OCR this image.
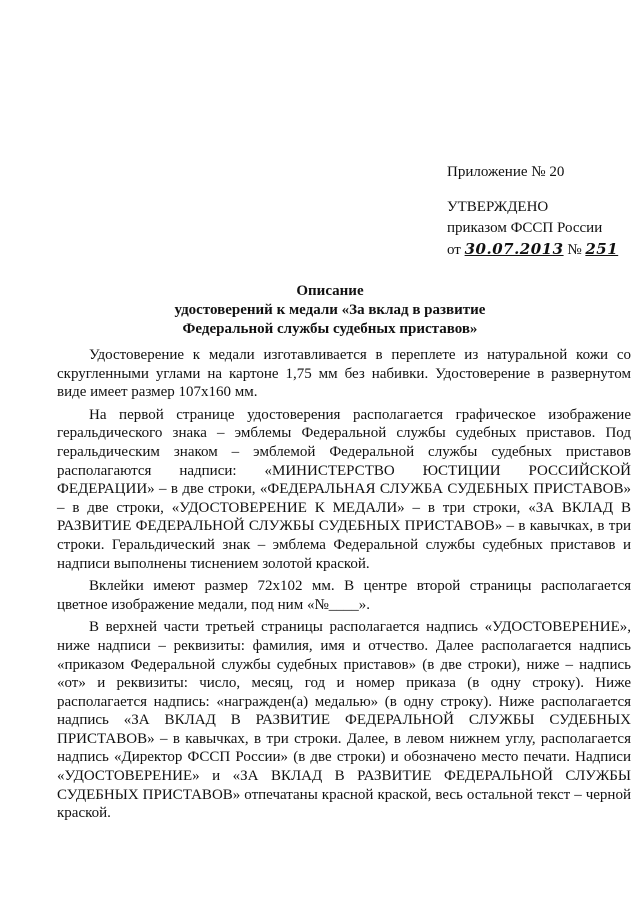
Приложение № 20
УТВЕРЖДЕНО
приказом ФССП России
от 30.07.2013 № 251
Описание
удостоверений к медали «За вклад в развитие
Федеральной службы судебных приставов»

Удостоверение к медали изготавливается в переплете из натуральной кожи со скругленными углами на картоне 1,75 мм без набивки. Удостоверение в развернутом виде имеет размер 107х160 мм.

На первой странице удостоверения располагается графическое изображение геральдического знака – эмблемы Федеральной службы судебных приставов. Под геральдическим знаком – эмблемой Федеральной службы судебных приставов располагаются надписи: «МИНИСТЕРСТВО ЮСТИЦИИ РОССИЙСКОЙ ФЕДЕРАЦИИ» – в две строки, «ФЕДЕРАЛЬНАЯ СЛУЖБА СУДЕБНЫХ ПРИСТАВОВ» – в две строки, «УДОСТОВЕРЕНИЕ К МЕДАЛИ» – в три строки, «ЗА ВКЛАД В РАЗВИТИЕ ФЕДЕРАЛЬНОЙ СЛУЖБЫ СУДЕБНЫХ ПРИСТАВОВ» – в кавычках, в три строки. Геральдический знак – эмблема Федеральной службы судебных приставов и надписи выполнены тиснением золотой краской.

Вклейки имеют размер 72х102 мм. В центре второй страницы располагается цветное изображение медали, под ним «№____».

В верхней части третьей страницы располагается надпись «УДОСТОВЕРЕНИЕ», ниже надписи – реквизиты: фамилия, имя и отчество. Далее располагается надпись «приказом Федеральной службы судебных приставов» (в две строки), ниже – надпись «от» и реквизиты: число, месяц, год и номер приказа (в одну строку). Ниже располагается надпись: «награжден(а) медалью» (в одну строку). Ниже располагается надпись «ЗА ВКЛАД В РАЗВИТИЕ ФЕДЕРАЛЬНОЙ СЛУЖБЫ СУДЕБНЫХ ПРИСТАВОВ» – в кавычках, в три строки. Далее, в левом нижнем углу, располагается надпись «Директор ФССП России» (в две строки) и обозначено место печати. Надписи «УДОСТОВЕРЕНИЕ» и «ЗА ВКЛАД В РАЗВИТИЕ ФЕДЕРАЛЬНОЙ СЛУЖБЫ СУДЕБНЫХ ПРИСТАВОВ» отпечатаны красной краской, весь остальной текст – черной краской.
